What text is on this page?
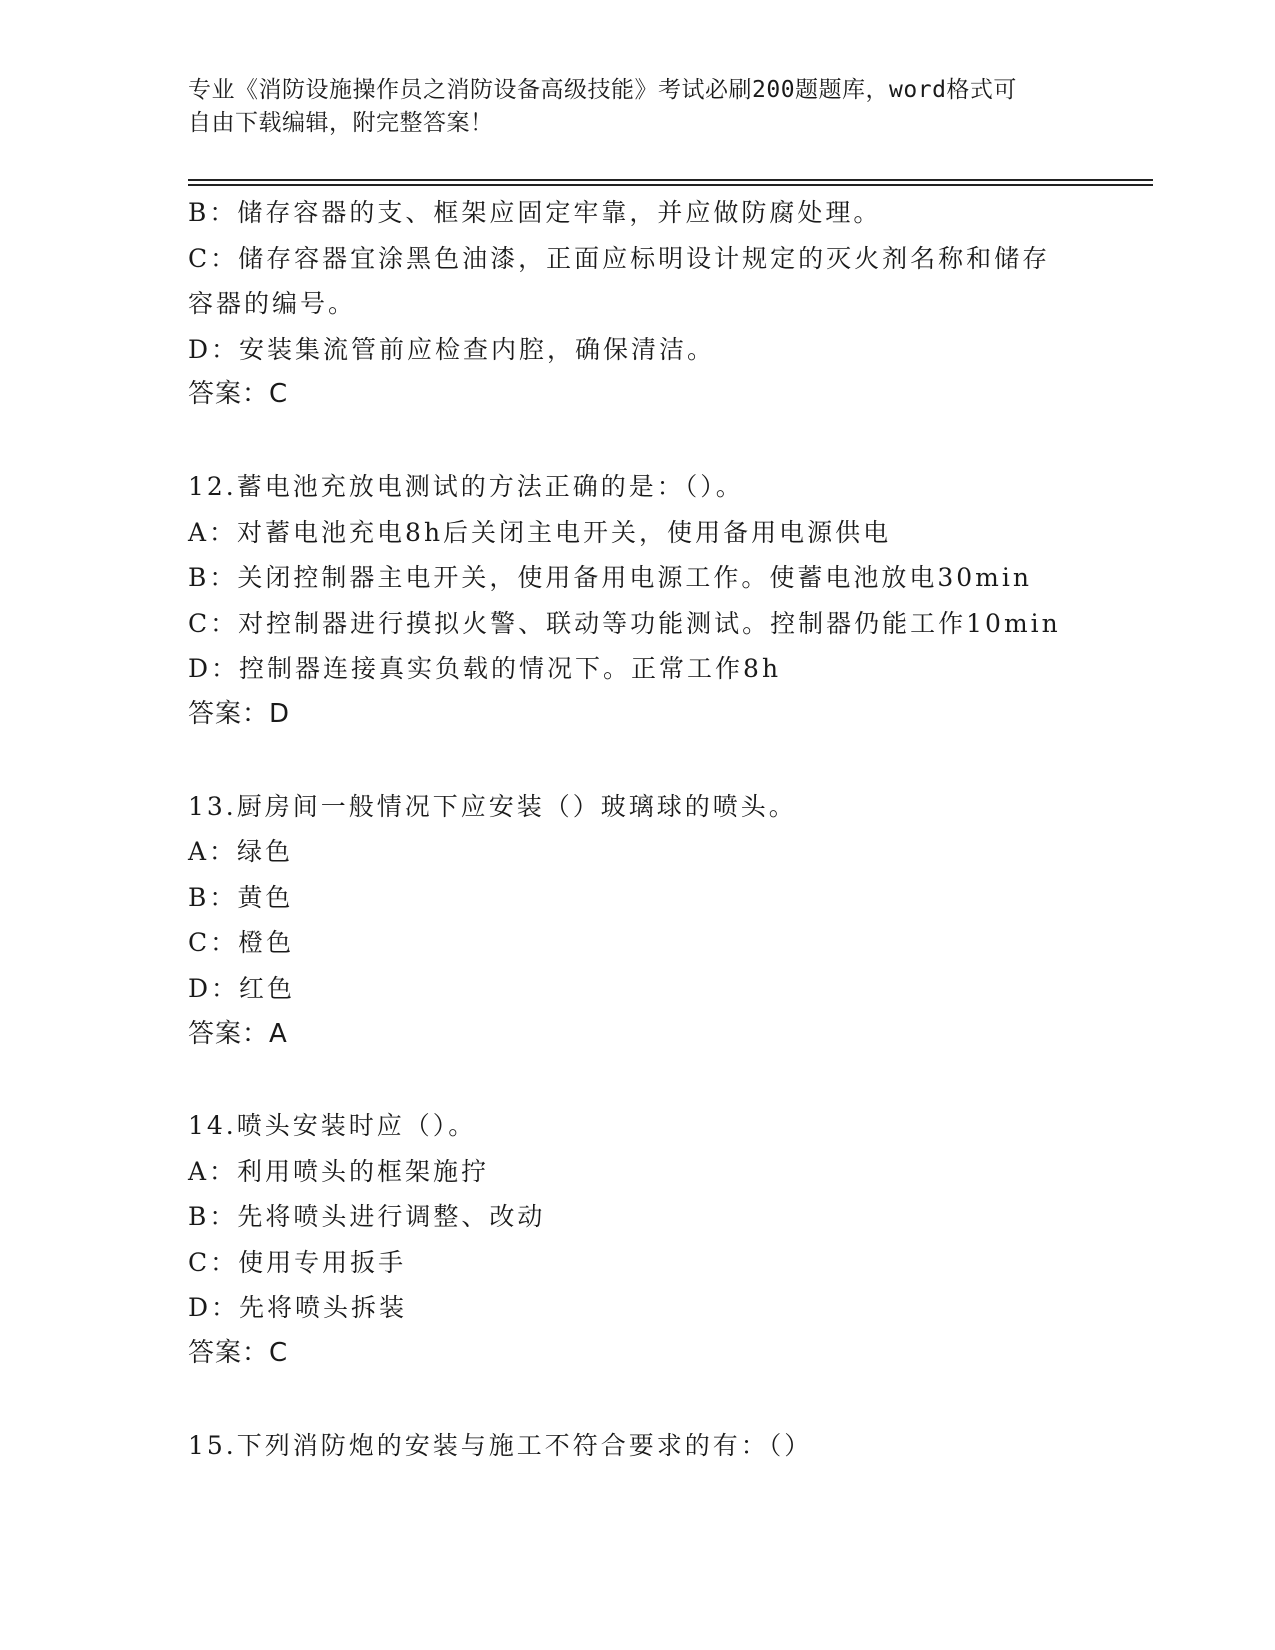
专业《消防设施操作员之消防设备高级技能》考试必刷200题题库，word格式可
自由下载编辑，附完整答案！
B：储存容器的支、框架应固定牢靠，并应做防腐处理。
C：储存容器宜涂黑色油漆，正面应标明设计规定的灭火剂名称和储存
容器的编号。
D：安装集流管前应检查内腔，确保清洁。
答案：C
12.蓄电池充放电测试的方法正确的是：（）。
A：对蓄电池充电8h后关闭主电开关，使用备用电源供电
B：关闭控制器主电开关，使用备用电源工作。使蓄电池放电30min
C：对控制器进行摸拟火警、联动等功能测试。控制器仍能工作10min
D：控制器连接真实负载的情况下。正常工作8h
答案：D
13.厨房间一般情况下应安装（）玻璃球的喷头。
A：绿色
B：黄色
C：橙色
D：红色
答案：A
14.喷头安装时应（）。
A：利用喷头的框架施拧
B：先将喷头进行调整、改动
C：使用专用扳手
D：先将喷头拆装
答案：C
15.下列消防炮的安装与施工不符合要求的有：（）
